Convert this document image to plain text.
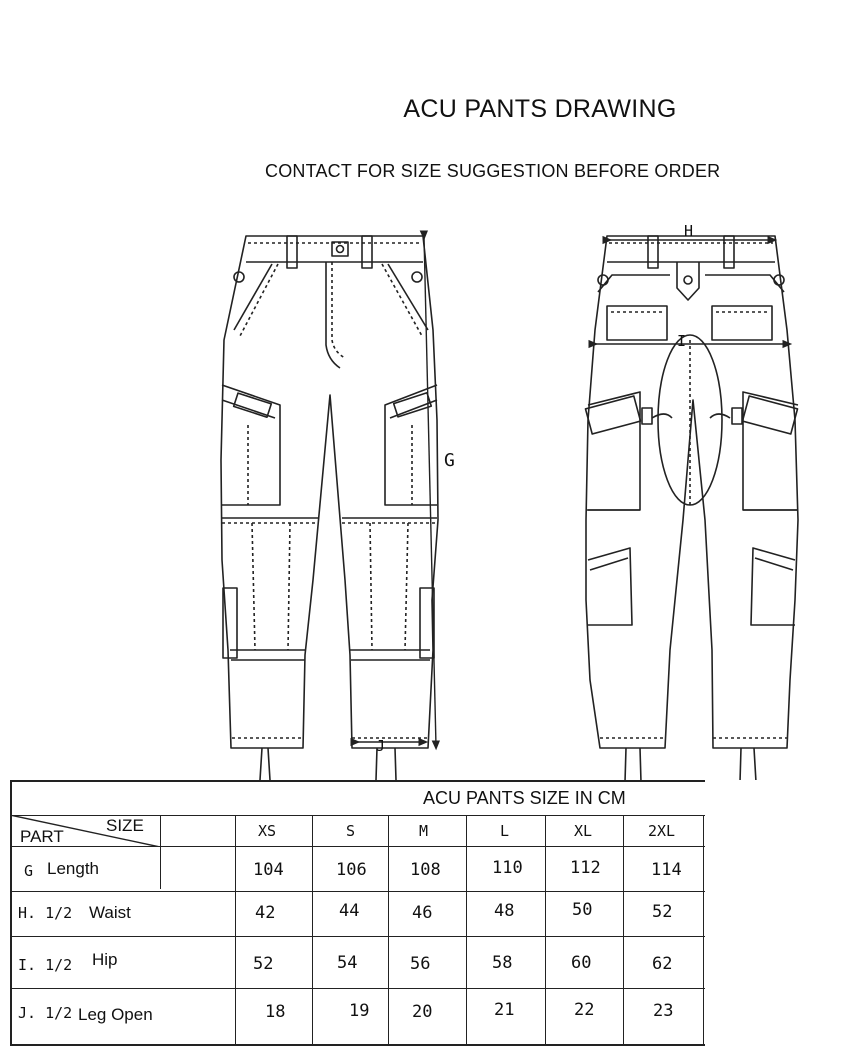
ACU PANTS DRAWING
CONTACT FOR SIZE SUGGESTION BEFORE ORDER
G
H
I
J
ACU PANTS SIZE IN CM
SIZE
PART	XS	S	M	L	XL	2XL
G Length	104	106	108	110	112	114
H. 1/2 Waist	42	44	46	48	50	52
I. 1/2 Hip	52	54	56	58	60	62
J. 1/2 Leg Open	18	19	20	21	22	23
